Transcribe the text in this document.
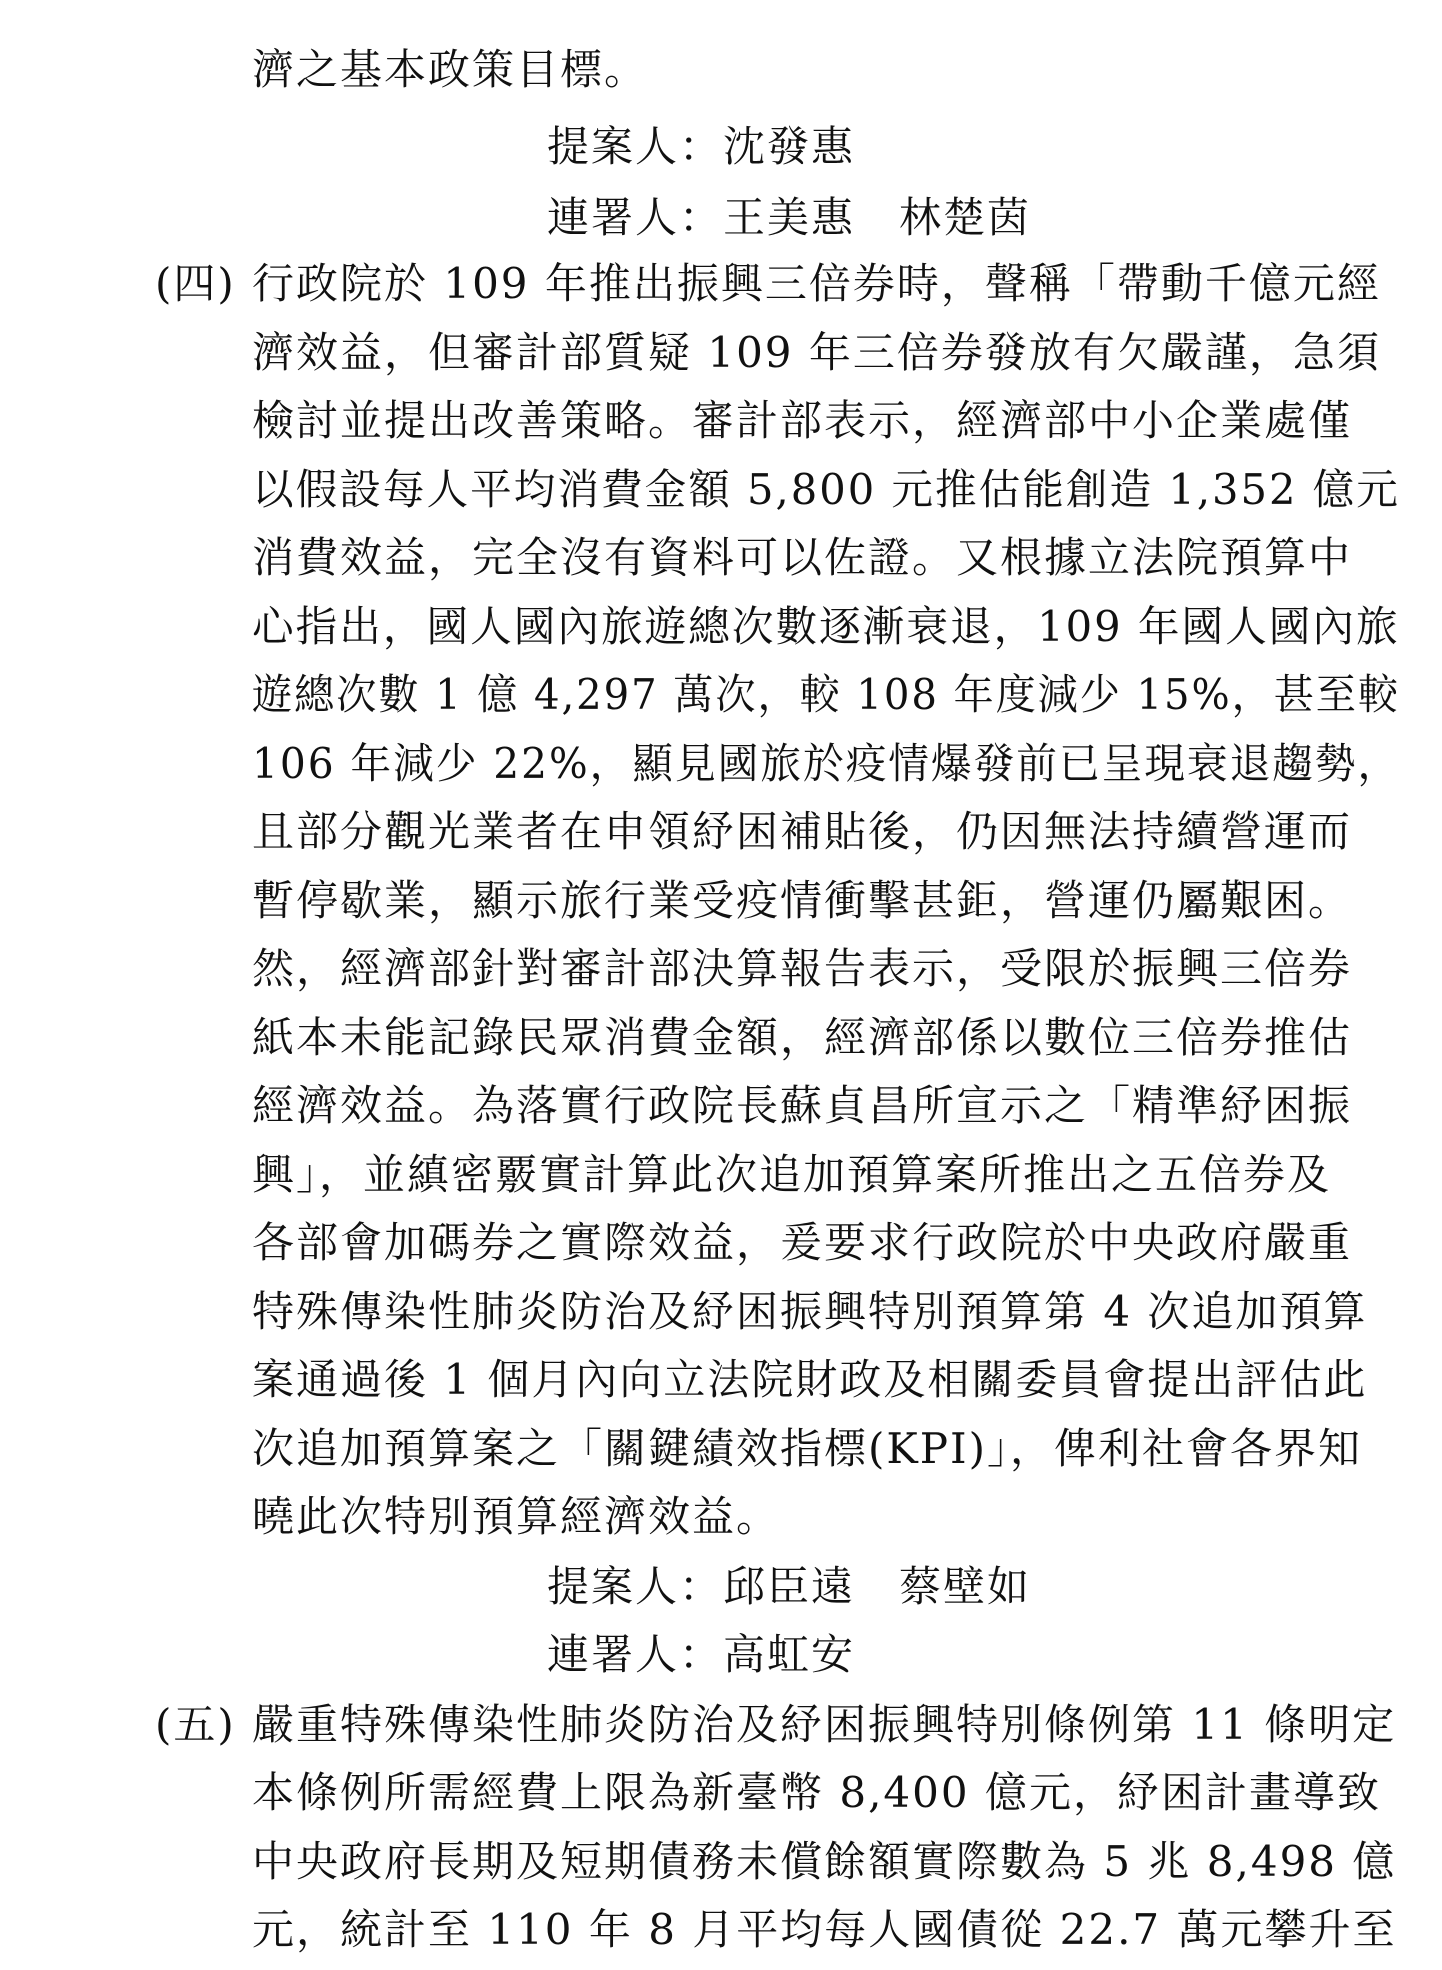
濟之基本政策目標。
提案人：沈發惠
連署人：王美惠　林楚茵
(四) 行政院於 109 年推出振興三倍券時，聲稱「帶動千億元經
濟效益，但審計部質疑 109 年三倍券發放有欠嚴謹，急須
檢討並提出改善策略。審計部表示，經濟部中小企業處僅
以假設每人平均消費金額 5,800 元推估能創造 1,352 億元
消費效益，完全沒有資料可以佐證。又根據立法院預算中
心指出，國人國內旅遊總次數逐漸衰退，109 年國人國內旅
遊總次數 1 億 4,297 萬次，較 108 年度減少 15%，甚至較
106 年減少 22%，顯見國旅於疫情爆發前已呈現衰退趨勢，
且部分觀光業者在申領紓困補貼後，仍因無法持續營運而
暫停歇業，顯示旅行業受疫情衝擊甚鉅，營運仍屬艱困。
然，經濟部針對審計部決算報告表示，受限於振興三倍券
紙本未能記錄民眾消費金額，經濟部係以數位三倍券推估
經濟效益。為落實行政院長蘇貞昌所宣示之「精準紓困振
興」，並縝密覈實計算此次追加預算案所推出之五倍券及
各部會加碼券之實際效益，爰要求行政院於中央政府嚴重
特殊傳染性肺炎防治及紓困振興特別預算第 4 次追加預算
案通過後 1 個月內向立法院財政及相關委員會提出評估此
次追加預算案之「關鍵績效指標(KPI)」，俾利社會各界知
曉此次特別預算經濟效益。
提案人：邱臣遠　蔡壁如
連署人：高虹安
(五) 嚴重特殊傳染性肺炎防治及紓困振興特別條例第 11 條明定
本條例所需經費上限為新臺幣 8,400 億元，紓困計畫導致
中央政府長期及短期債務未償餘額實際數為 5 兆 8,498 億
元，統計至 110 年 8 月平均每人國債從 22.7 萬元攀升至
